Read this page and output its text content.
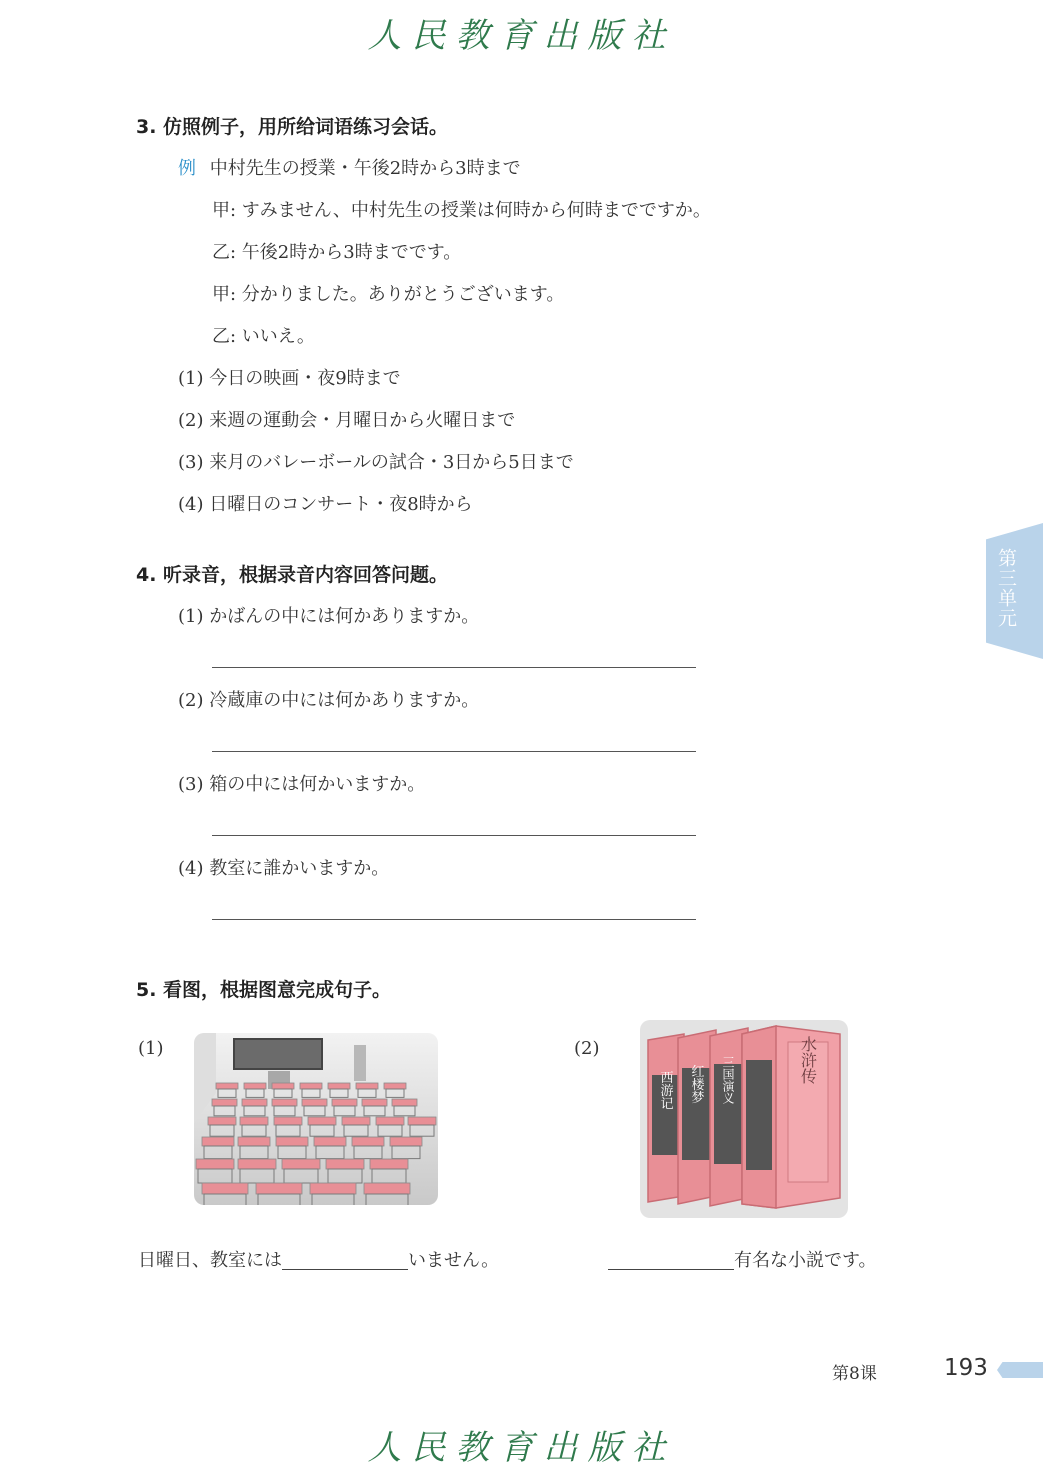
人民教育出版社
3. 仿照例子，用所给词语练习会话。
例 中村先生の授業・午後2時から3時まで
甲: すみません、中村先生の授業は何時から何時までですか。
乙: 午後2時から3時までです。
甲: 分かりました。ありがとうございます。
乙: いいえ。
(1) 今日の映画・夜9時まで
(2) 来週の運動会・月曜日から火曜日まで
(3) 来月のバレーボールの試合・3日から5日まで
(4) 日曜日のコンサート・夜8時から
4. 听录音，根据录音内容回答问题。
(1) かばんの中には何かありますか。
(2) 冷蔵庫の中には何かありますか。
(3) 箱の中には何かいますか。
(4) 教室に誰かいますか。
5. 看图，根据图意完成句子。
(1)	(2)
西游记 红楼梦 三国演义	水浒传
日曜日、教室には	いません。	有名な小説です。
第三单元
第8课	193
人民教育出版社
